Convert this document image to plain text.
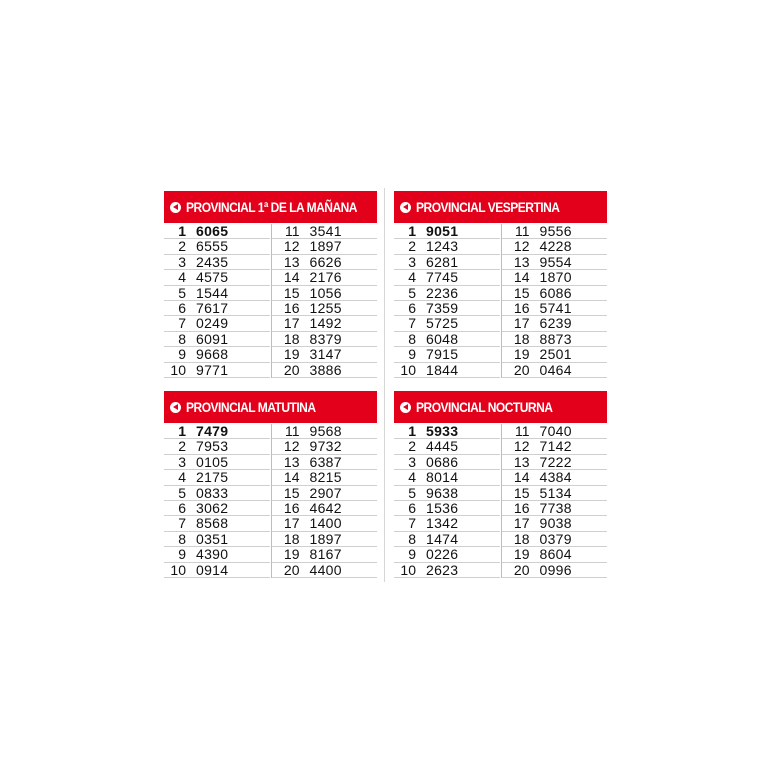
PROVINCIAL 1ª DE LA MAÑANA
1 6065
2 6555
3 2435
4 4575
5 1544
6 7617
7 0249
8 6091
9 9668
10 9771
11 3541
12 1897
13 6626
14 2176
15 1056
16 1255
17 1492
18 8379
19 3147
20 3886
PROVINCIAL VESPERTINA
1 9051
2 1243
3 6281
4 7745
5 2236
6 7359
7 5725
8 6048
9 7915
10 1844
11 9556
12 4228
13 9554
14 1870
15 6086
16 5741
17 6239
18 8873
19 2501
20 0464
PROVINCIAL MATUTINA
1 7479
2 7953
3 0105
4 2175
5 0833
6 3062
7 8568
8 0351
9 4390
10 0914
11 9568
12 9732
13 6387
14 8215
15 2907
16 4642
17 1400
18 1897
19 8167
20 4400
PROVINCIAL NOCTURNA
1 5933
2 4445
3 0686
4 8014
5 9638
6 1536
7 1342
8 1474
9 0226
10 2623
11 7040
12 7142
13 7222
14 4384
15 5134
16 7738
17 9038
18 0379
19 8604
20 0996
